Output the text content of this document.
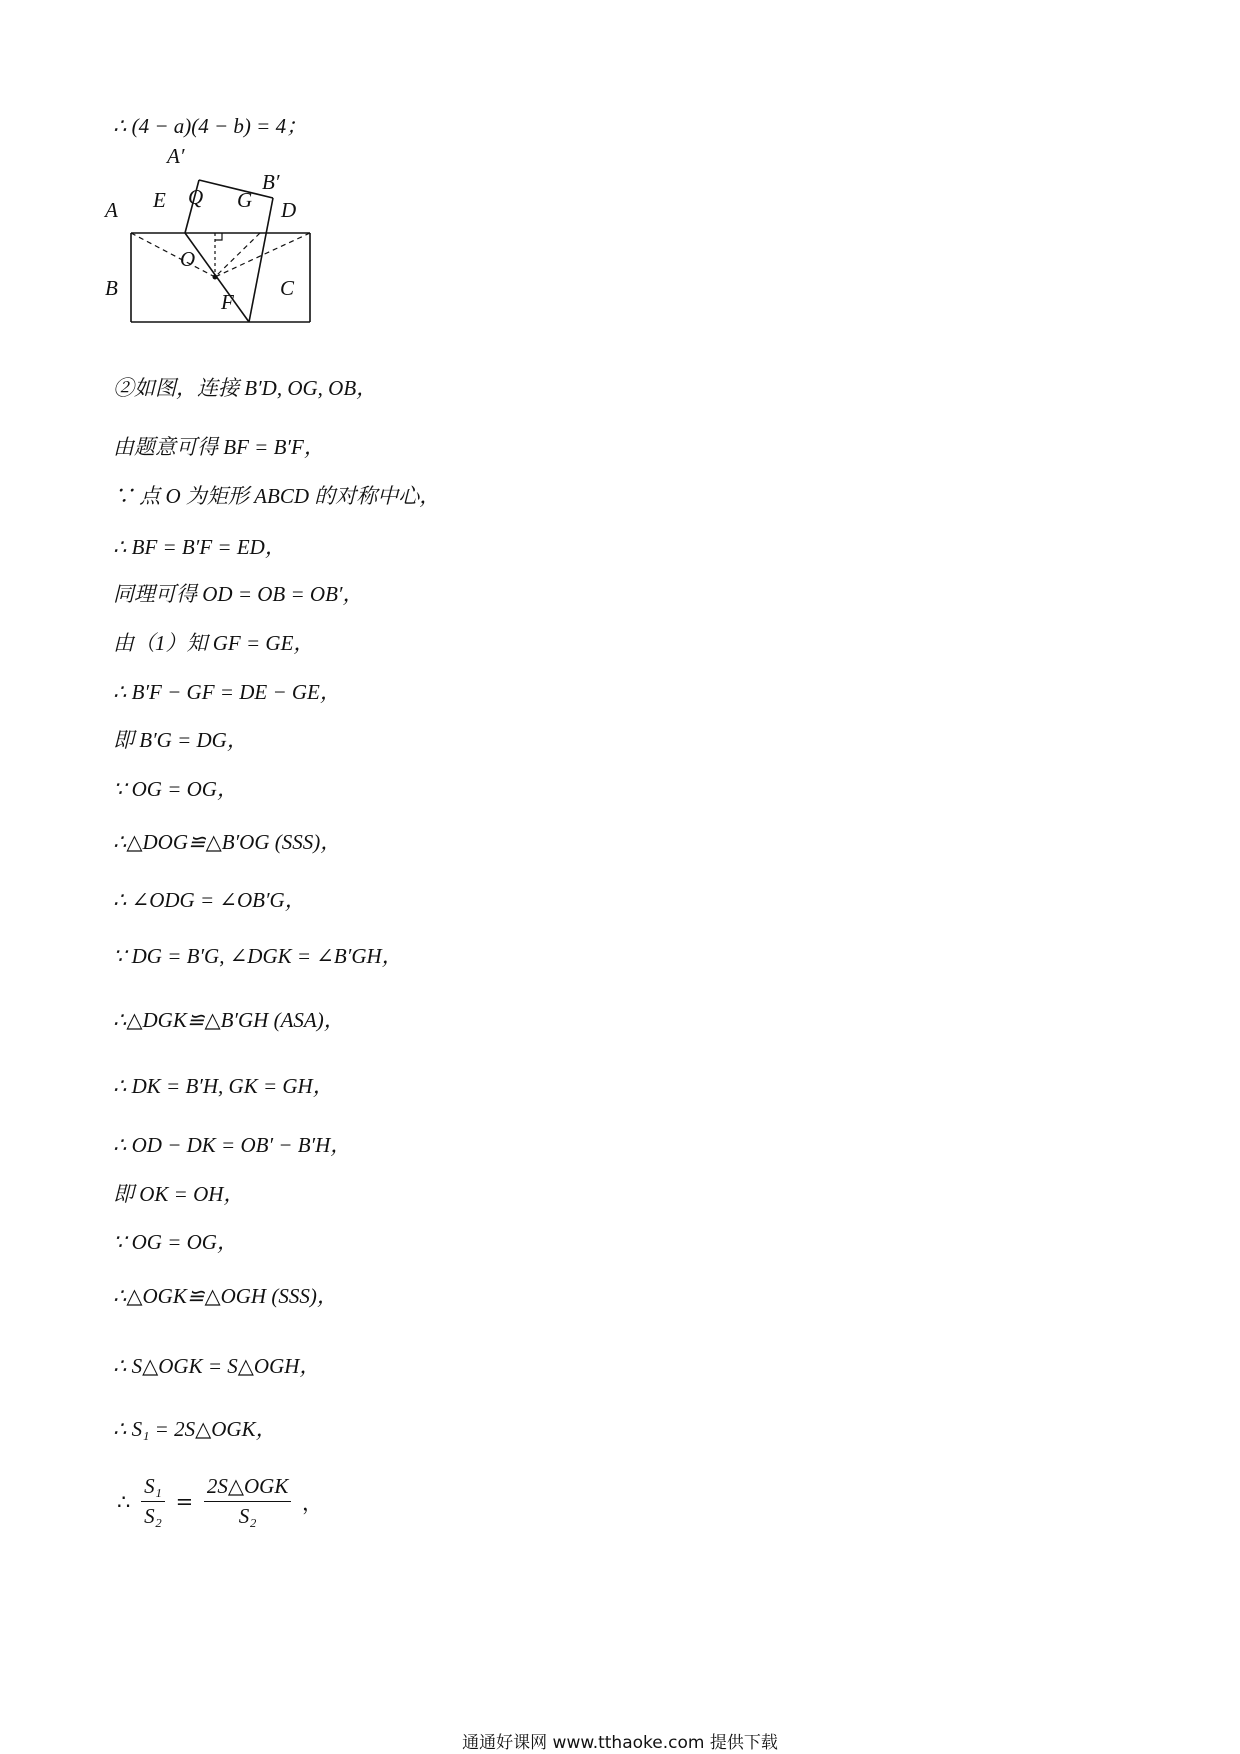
∴ (4 − a)(4 − b) = 4；
A′
B′
A E Q G D
O
B
F
C
②如图，连接 B′D, OG, OB，
由题意可得 BF = B′F，
∵ 点 O 为矩形 ABCD 的对称中心，
∴ BF = B′F = ED，
同理可得 OD = OB = OB′，
由（1）知 GF = GE，
∴ B′F − GF = DE − GE，
即 B′G = DG，
∵ OG = OG，
∴△DOG≌△B′OG (SSS)，
∴ ∠ODG = ∠OB′G，
∵ DG = B′G, ∠DGK = ∠B′GH，
∴△DGK≌△B′GH (ASA)，
∴ DK = B′H, GK = GH，
∴ OD − DK = OB′ − B′H，
即 OK = OH，
∵ OG = OG，
∴△OGK≌△OGH (SSS)，
∴ S△OGK = S△OGH，
∴ S₁ = 2S△OGK，
∴ $\frac{\text{S₁}}{\text{S₂}} = \frac{\text{2S△OGK}}{\text{S₂}}$ ，
通通好课网 www.tthaoke.com 提供下载
